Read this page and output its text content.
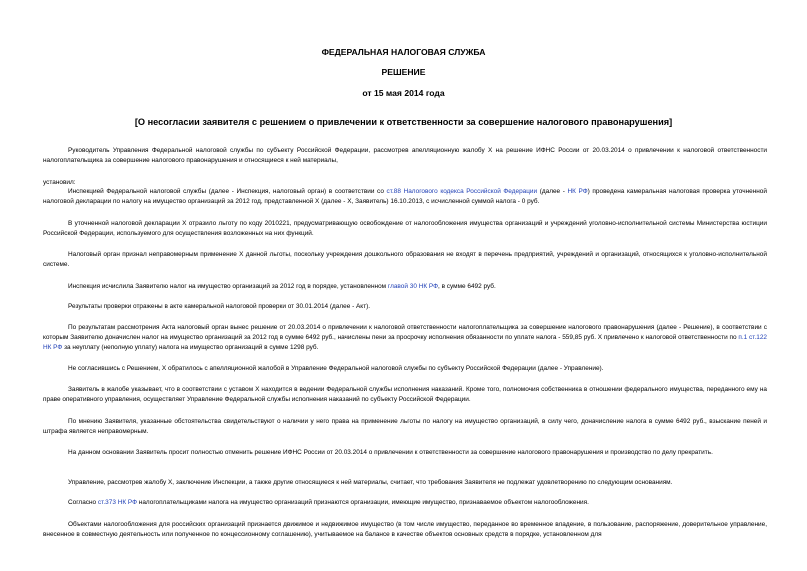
ФЕДЕРАЛЬНАЯ НАЛОГОВАЯ СЛУЖБА
РЕШЕНИЕ
от 15 мая 2014 года
[О несогласии заявителя с решением о привлечении к ответственности за совершение налогового правонарушения]

Руководитель Управления Федеральной налоговой службы по субъекту Российской Федерации, рассмотрев апелляционную жалобу Х на решение ИФНС России от 20.03.2014 о привлечении к налоговой ответственности налогоплательщика за совершение налогового правонарушения и относящиеся к ней материалы,

установил:

Инспекцией Федеральной налоговой службы (далее - Инспекция, налоговый орган) в соответствии со ст.88 Налогового кодекса Российской Федерации (далее - НК РФ) проведена камеральная налоговая проверка уточненной налоговой декларации по налогу на имущество организаций за 2012 год, представленной Х (далее - Х, Заявитель) 16.10.2013, с исчисленной суммой налога - 0 руб.

В уточненной налоговой декларации Х отразило льготу по коду 2010221, предусматривающую освобождение от налогообложения имущества организаций и учреждений уголовно-исполнительной системы Министерства юстиции Российской Федерации, используемого для осуществления возложенных на них функций.

Налоговый орган признал неправомерным применение Х данной льготы, поскольку учреждения дошкольного образования не входят в перечень предприятий, учреждений и организаций, относящихся к уголовно-исполнительной системе.

Инспекция исчислила Заявителю налог на имущество организаций за 2012 год в порядке, установленном главой 30 НК РФ, в сумме 6492 руб.

Результаты проверки отражены в акте камеральной налоговой проверки от 30.01.2014 (далее - Акт).

По результатам рассмотрения Акта налоговый орган вынес решение от 20.03.2014 о привлечении к налоговой ответственности налогоплательщика за совершение налогового правонарушения (далее - Решение), в соответствии с которым Заявителю доначислен налог на имущество организаций за 2012 год в сумме 6492 руб., начислены пени за просрочку исполнения обязанности по уплате налога - 559,85 руб. Х привлечено к налоговой ответственности по п.1 ст.122 НК РФ за неуплату (неполную уплату) налога на имущество организаций в сумме 1298 руб.

Не согласившись с Решением, Х обратилось с апелляционной жалобой в Управление Федеральной налоговой службы по субъекту Российской Федерации (далее - Управление).

Заявитель в жалобе указывает, что в соответствии с уставом Х находится в ведении Федеральной службы исполнения наказаний. Кроме того, полномочия собственника в отношении федерального имущества, переданного ему на праве оперативного управления, осуществляет Управление Федеральной службы исполнения наказаний по субъекту Российской Федерации.

По мнению Заявителя, указанные обстоятельства свидетельствуют о наличии у него права на применение льготы по налогу на имущество организаций, в силу чего, доначисление налога в сумме 6492 руб., взыскание пеней и штрафа является неправомерным.

На данном основании Заявитель просит полностью отменить решение ИФНС России от 20.03.2014 о привлечении к ответственности за совершение налогового правонарушения и производство по делу прекратить.

Управление, рассмотрев жалобу Х, заключение Инспекции, а также другие относящиеся к ней материалы, считает, что требования Заявителя не подлежат удовлетворению по следующим основаниям.

Согласно ст.373 НК РФ налогоплательщиками налога на имущество организаций признаются организации, имеющие имущество, признаваемое объектом налогообложения.

Объектами налогообложения для российских организаций признается движимое и недвижимое имущество (в том числе имущество, переданное во временное владение, в пользование, распоряжение, доверительное управление, внесенное в совместную деятельность или полученное по концессионному соглашению), учитываемое на балансе в качестве объектов основных средств в порядке, установленном для
